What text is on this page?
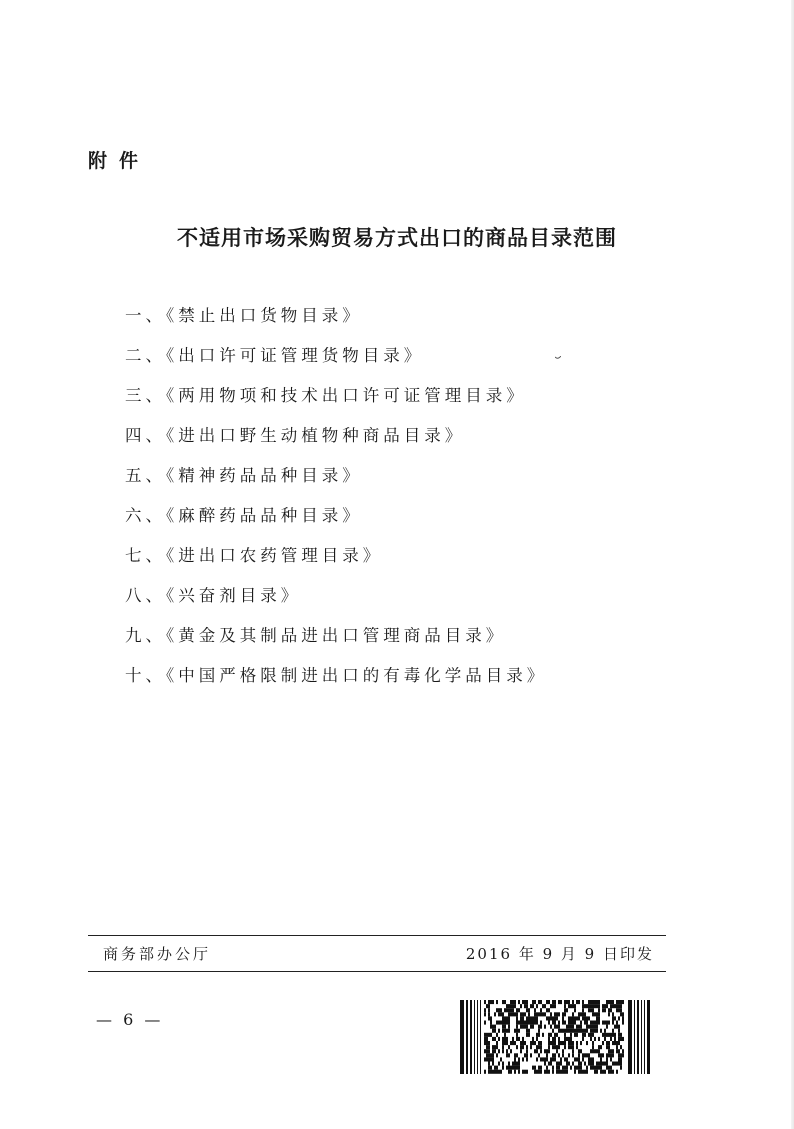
附件
不适用市场采购贸易方式出口的商品目录范围
一、《禁止出口货物目录》
二、《出口许可证管理货物目录》
三、《两用物项和技术出口许可证管理目录》
四、《进出口野生动植物种商品目录》
五、《精神药品品种目录》
六、《麻醉药品品种目录》
七、《进出口农药管理目录》
八、《兴奋剂目录》
九、《黄金及其制品进出口管理商品目录》
十、《中国严格限制进出口的有毒化学品目录》
商务部办公厅	2016 年 9 月 9 日印发
— 6 —
